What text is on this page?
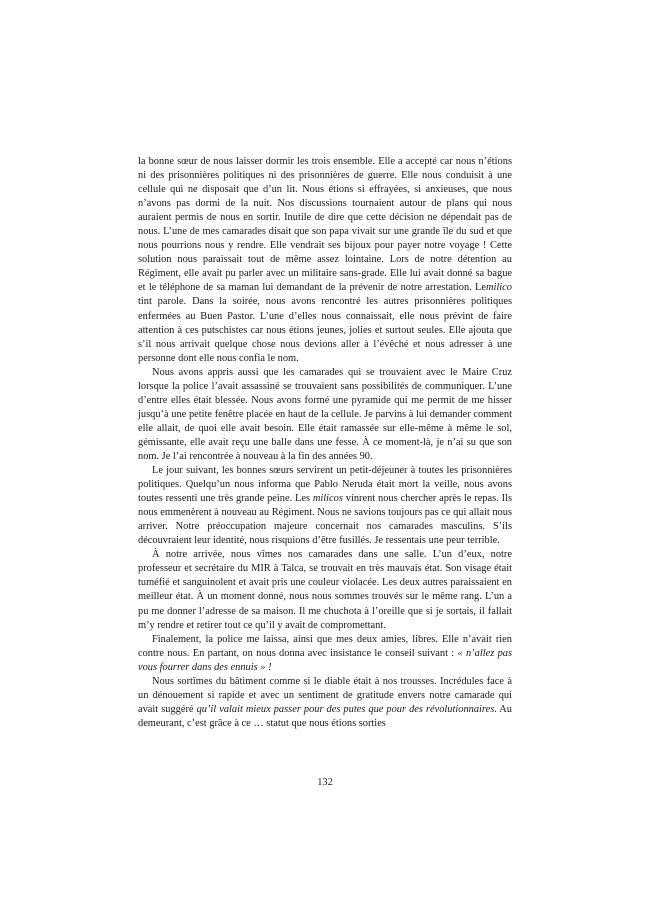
la bonne sœur de nous laisser dormir les trois ensemble. Elle a accepté car nous n’étions ni des prisonnières politiques ni des prisonnières de guerre. Elle nous conduisit à une cellule qui ne disposait que d’un lit. Nous étions si effrayées, si anxieuses, que nous n’avons pas dormi de la nuit. Nos discussions tournaient autour de plans qui nous auraient permis de nous en sortir. Inutile de dire que cette décision ne dépendait pas de nous. L’une de mes camarades disait que son papa vivait sur une grande île du sud et que nous pourrions nous y rendre. Elle vendrait ses bijoux pour payer notre voyage ! Cette solution nous paraissait tout de même assez lointaine. Lors de notre détention au Régiment, elle avait pu parler avec un militaire sans-grade. Elle lui avait donné sa bague et le téléphone de sa maman lui demandant de la prévenir de notre arrestation. Lemilico tint parole. Dans la soirée, nous avons rencontré les autres prisonnières politiques enfermées au Buen Pastor. L’une d’elles nous connaissait, elle nous prévint de faire attention à ces putschistes car nous étions jeunes, jolies et surtout seules. Elle ajouta que s’il nous arrivait quelque chose nous devions aller à l’évêché et nous adresser à une personne dont elle nous confia le nom.

Nous avons appris aussi que les camarades qui se trouvaient avec le Maire Cruz lorsque la police l’avait assassiné se trouvaient sans possibilités de communiquer. L’une d’entre elles était blessée. Nous avons formé une pyramide qui me permit de me hisser jusqu’à une petite fenêtre placée en haut de la cellule. Je parvins à lui demander comment elle allait, de quoi elle avait besoin. Elle était ramassée sur elle-même à même le sol, gémissante, elle avait reçu une balle dans une fesse. À ce moment-là, je n’ai su que son nom. Je l’ai rencontrée à nouveau à la fin des années 90.

Le jour suivant, les bonnes sœurs servirent un petit-déjeuner à toutes les prisonnières politiques. Quelqu’un nous informa que Pablo Neruda était mort la veille, nous avons toutes ressenti une très grande peine. Les milicos vinrent nous chercher après le repas. Ils nous emmenèrent à nouveau au Régiment. Nous ne savions toujours pas ce qui allait nous arriver. Notre préoccupation majeure concernait nos camarades masculins. S’ils découvraient leur identité, nous risquions d’être fusillés. Je ressentais une peur terrible.

À notre arrivée, nous vîmes nos camarades dans une salle. L’un d’eux, notre professeur et secrétaire du MIR à Talca, se trouvait en très mauvais état. Son visage était tuméfié et sanguinolent et avait pris une couleur violacée. Les deux autres paraissaient en meilleur état. À un moment donné, nous nous sommes trouvés sur le même rang. L’un a pu me donner l’adresse de sa maison. Il me chuchota à l’oreille que si je sortais, il fallait m’y rendre et retirer tout ce qu’il y avait de compromettant.

Finalement, la police me laissa, ainsi que mes deux amies, libres. Elle n’avait rien contre nous. En partant, on nous donna avec insistance le conseil suivant : « n’allez pas vous fourrer dans des ennuis » !

Nous sortîmes du bâtiment comme si le diable était à nos trousses. Incrédules face à un dénouement si rapide et avec un sentiment de gratitude envers notre camarade qui avait suggéré qu’il valait mieux passer pour des putes que pour des révolutionnaires. Au demeurant, c’est grâce à ce … statut que nous étions sorties

132
